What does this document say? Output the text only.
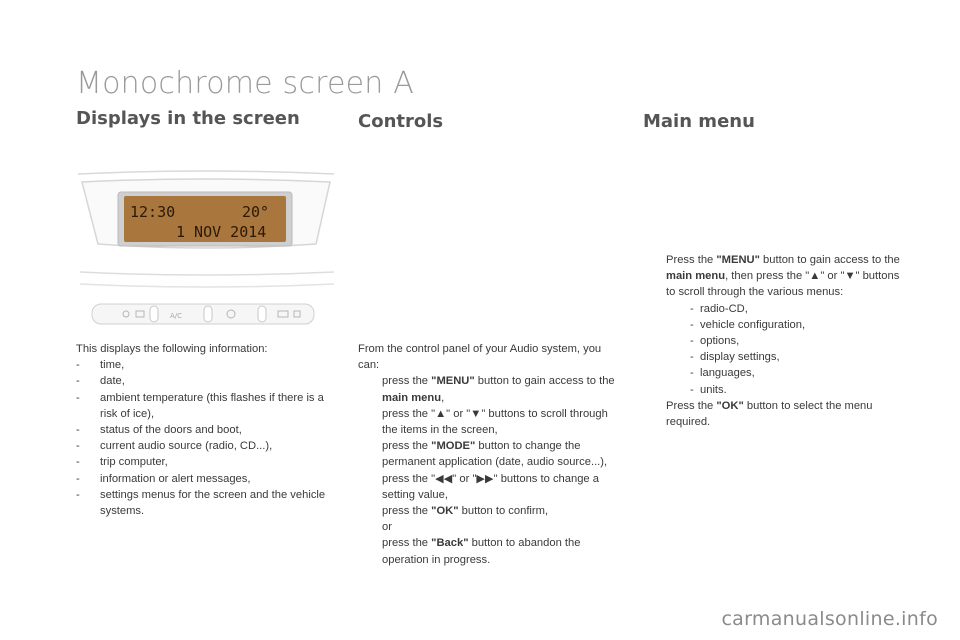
Monochrome screen A
Displays in the screen	Controls	Main menu
12:30	20°
1 NOV 2014
A/C

This displays the following information:

- time,
- date,
- ambient temperature (this flashes if there is a risk of ice),
- status of the doors and boot,
- current audio source (radio, CD...),
- trip computer,
- information or alert messages,
- settings menus for the screen and the vehicle systems.

From the control panel of your Audio system, you can:

press the "MENU" button to gain access to the main menu,
press the "▲" or "▼" buttons to scroll through the items in the screen,
press the "MODE" button to change the permanent application (date, audio source...),
press the "◀◀" or "▶▶" buttons to change a setting value,
press the "OK" button to confirm,
or
press the "Back" button to abandon the operation in progress.
Press the "MENU" button to gain access to the main menu, then press the "▲" or "▼" buttons to scroll through the various menus:
- radio-CD,
- vehicle configuration,
- options,
- display settings,
- languages,
- units.
Press the "OK" button to select the menu required.
carmanualsonline.info
